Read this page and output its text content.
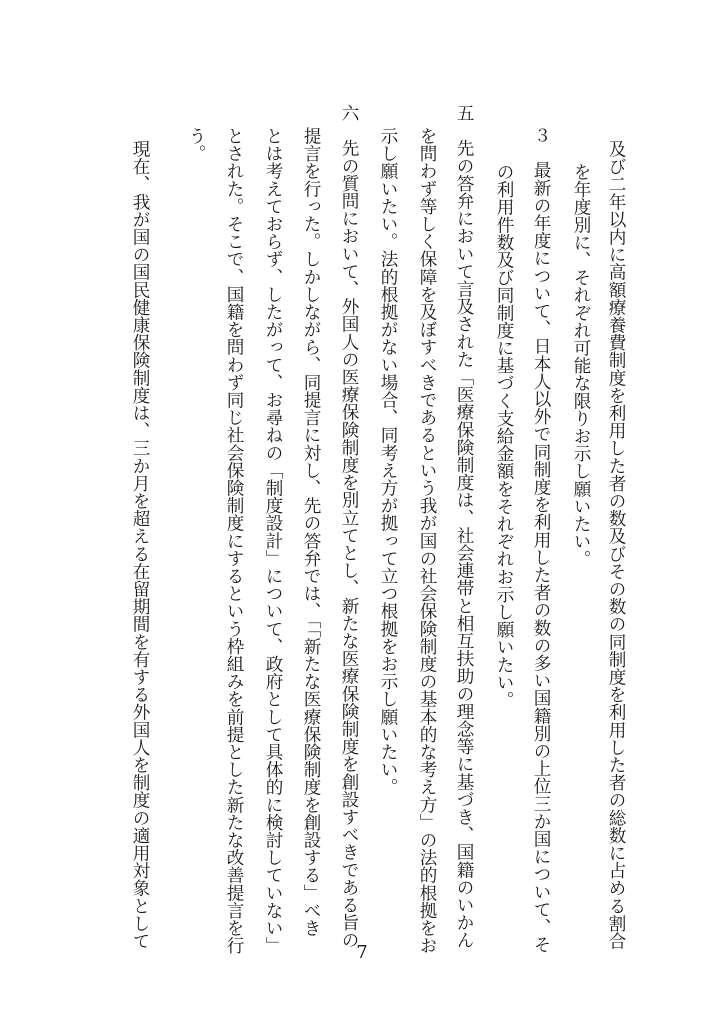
及び二年以内に高額療養費制度を利用した者の数及びその数の同制度を利用した者の総数に占める割合
を年度別に、それぞれ可能な限りお示し願いたい。
３　最新の年度について、日本人以外で同制度を利用した者の数の多い国籍別の上位三か国について、そ
の利用件数及び同制度に基づく支給金額をそれぞれお示し願いたい。
五　先の答弁において言及された「医療保険制度は、社会連帯と相互扶助の理念等に基づき、国籍のいかん
を問わず等しく保障を及ぼすべきであるという我が国の社会保険制度の基本的な考え方」の法的根拠をお
示し願いたい。法的根拠がない場合、同考え方が拠って立つ根拠をお示し願いたい。
六　先の質問において、外国人の医療保険制度を別立てとし、新たな医療保険制度を創設すべきである旨の
提言を行った。しかしながら、同提言に対し、先の答弁では、「「新たな医療保険制度を創設する」べき
とは考えておらず、したがって、お尋ねの「制度設計」について、政府として具体的に検討していない」
とされた。そこで、国籍を問わず同じ社会保険制度にするという枠組みを前提とした新たな改善提言を行
う。
現在、我が国の国民健康保険制度は、三か月を超える在留期間を有する外国人を制度の適用対象として
7
